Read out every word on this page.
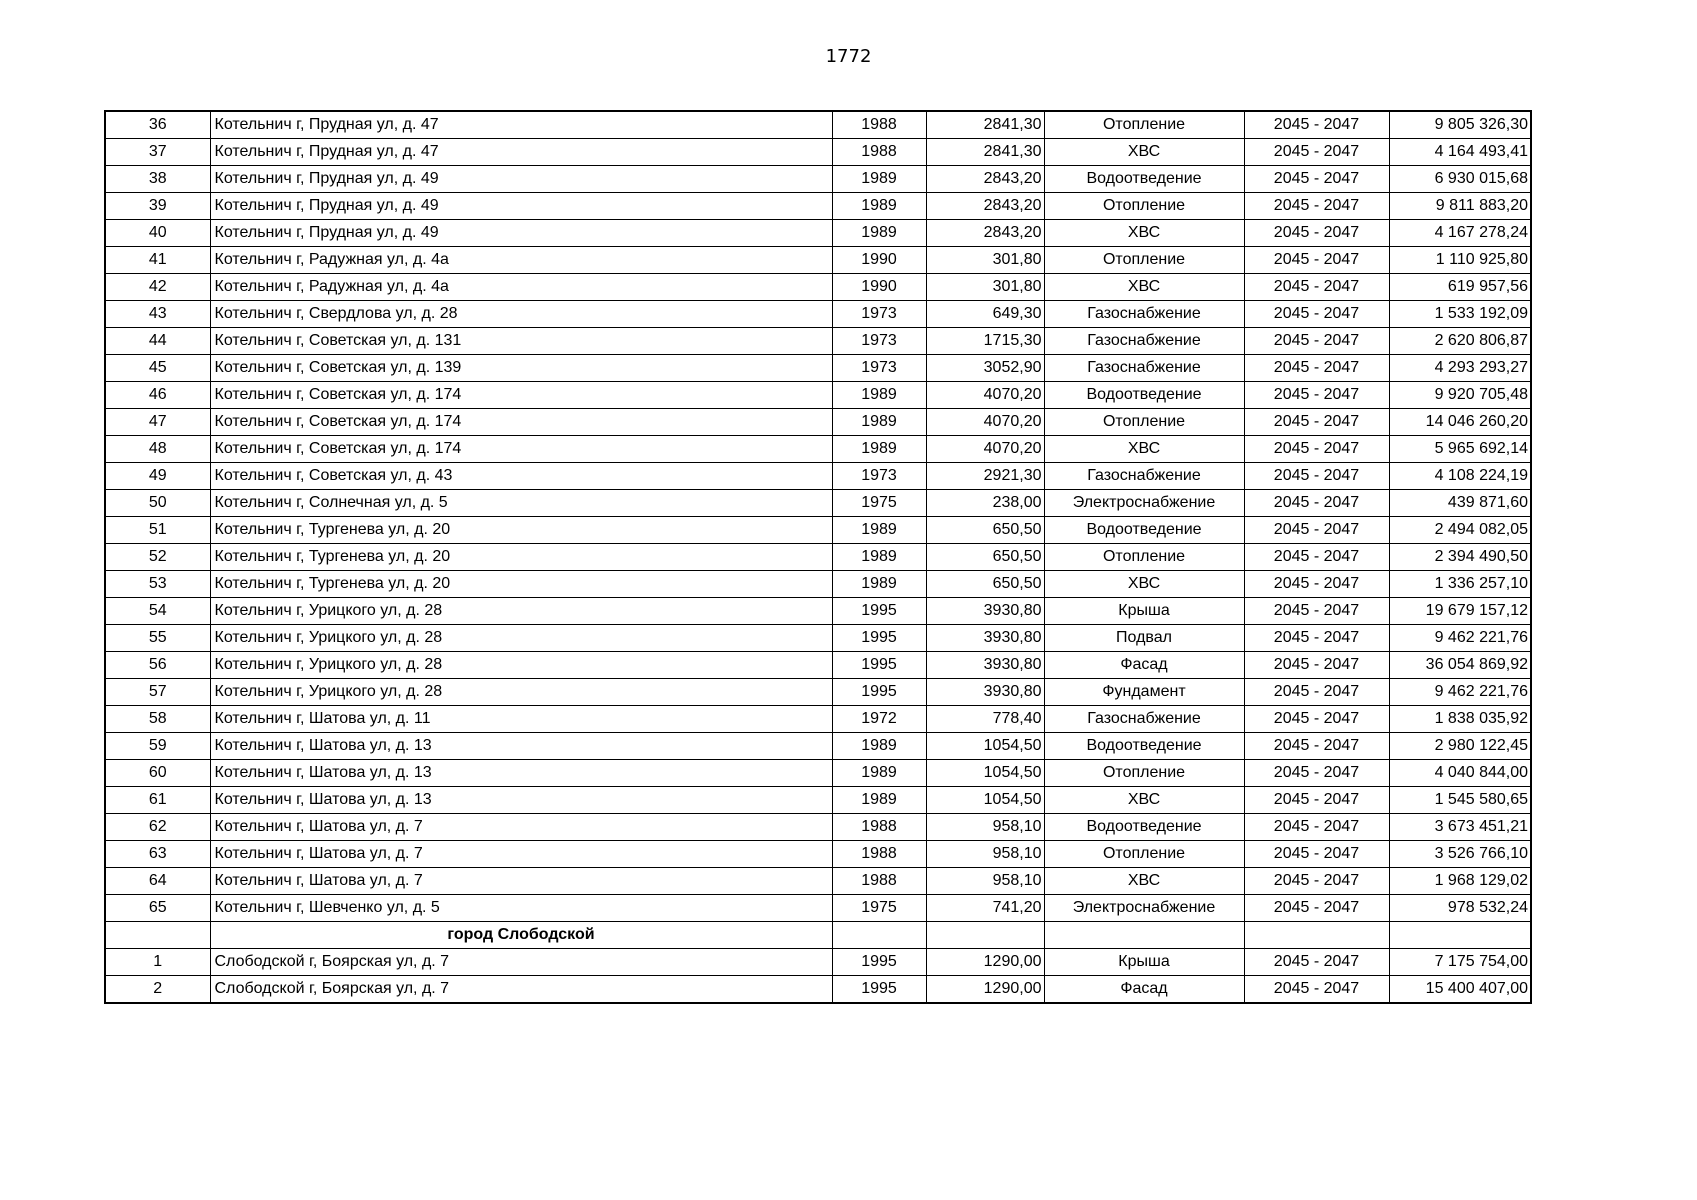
1772
36	Котельнич г, Прудная ул, д. 47	1988	2841,30	Отопление	2045 - 2047	9 805 326,30
37	Котельнич г, Прудная ул, д. 47	1988	2841,30	ХВС	2045 - 2047	4 164 493,41
38	Котельнич г, Прудная ул, д. 49	1989	2843,20	Водоотведение	2045 - 2047	6 930 015,68
39	Котельнич г, Прудная ул, д. 49	1989	2843,20	Отопление	2045 - 2047	9 811 883,20
40	Котельнич г, Прудная ул, д. 49	1989	2843,20	ХВС	2045 - 2047	4 167 278,24
41	Котельнич г, Радужная ул, д. 4а	1990	301,80	Отопление	2045 - 2047	1 110 925,80
42	Котельнич г, Радужная ул, д. 4а	1990	301,80	ХВС	2045 - 2047	619 957,56
43	Котельнич г, Свердлова ул, д. 28	1973	649,30	Газоснабжение	2045 - 2047	1 533 192,09
44	Котельнич г, Советская ул, д. 131	1973	1715,30	Газоснабжение	2045 - 2047	2 620 806,87
45	Котельнич г, Советская ул, д. 139	1973	3052,90	Газоснабжение	2045 - 2047	4 293 293,27
46	Котельнич г, Советская ул, д. 174	1989	4070,20	Водоотведение	2045 - 2047	9 920 705,48
47	Котельнич г, Советская ул, д. 174	1989	4070,20	Отопление	2045 - 2047	14 046 260,20
48	Котельнич г, Советская ул, д. 174	1989	4070,20	ХВС	2045 - 2047	5 965 692,14
49	Котельнич г, Советская ул, д. 43	1973	2921,30	Газоснабжение	2045 - 2047	4 108 224,19
50	Котельнич г, Солнечная ул, д. 5	1975	238,00	Электроснабжение	2045 - 2047	439 871,60
51	Котельнич г, Тургенева ул, д. 20	1989	650,50	Водоотведение	2045 - 2047	2 494 082,05
52	Котельнич г, Тургенева ул, д. 20	1989	650,50	Отопление	2045 - 2047	2 394 490,50
53	Котельнич г, Тургенева ул, д. 20	1989	650,50	ХВС	2045 - 2047	1 336 257,10
54	Котельнич г, Урицкого ул, д. 28	1995	3930,80	Крыша	2045 - 2047	19 679 157,12
55	Котельнич г, Урицкого ул, д. 28	1995	3930,80	Подвал	2045 - 2047	9 462 221,76
56	Котельнич г, Урицкого ул, д. 28	1995	3930,80	Фасад	2045 - 2047	36 054 869,92
57	Котельнич г, Урицкого ул, д. 28	1995	3930,80	Фундамент	2045 - 2047	9 462 221,76
58	Котельнич г, Шатова ул, д. 11	1972	778,40	Газоснабжение	2045 - 2047	1 838 035,92
59	Котельнич г, Шатова ул, д. 13	1989	1054,50	Водоотведение	2045 - 2047	2 980 122,45
60	Котельнич г, Шатова ул, д. 13	1989	1054,50	Отопление	2045 - 2047	4 040 844,00
61	Котельнич г, Шатова ул, д. 13	1989	1054,50	ХВС	2045 - 2047	1 545 580,65
62	Котельнич г, Шатова ул, д. 7	1988	958,10	Водоотведение	2045 - 2047	3 673 451,21
63	Котельнич г, Шатова ул, д. 7	1988	958,10	Отопление	2045 - 2047	3 526 766,10
64	Котельнич г, Шатова ул, д. 7	1988	958,10	ХВС	2045 - 2047	1 968 129,02
65	Котельнич г, Шевченко ул, д. 5	1975	741,20	Электроснабжение	2045 - 2047	978 532,24
	город Слободской					
1	Слободской г, Боярская ул, д. 7	1995	1290,00	Крыша	2045 - 2047	7 175 754,00
2	Слободской г, Боярская ул, д. 7	1995	1290,00	Фасад	2045 - 2047	15 400 407,00
